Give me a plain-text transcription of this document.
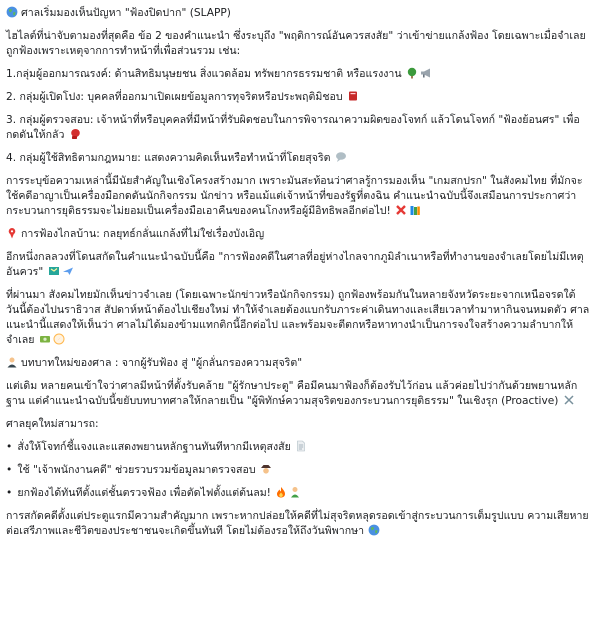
ศาลเริ่มมองเห็นปัญหา "ฟ้องปิดปาก" (SLAPP)

ไฮไลต์ที่น่าจับตามองที่สุดคือ ข้อ 2 ของคำแนะนำ ซึ่งระบุถึง "พฤติการณ์อันควรสงสัย" ว่าเข้าข่ายแกล้งฟ้อง โดยเฉพาะเมื่อจำเลยถูกฟ้องเพราะเหตุจากการทำหน้าที่เพื่อส่วนรวม เช่น:

1.กลุ่มผู้ออกมารณรงค์: ด้านสิทธิมนุษยชน สิ่งแวดล้อม ทรัพยากรธรรมชาติ หรือแรงงาน

2. กลุ่มผู้เปิดโปง: บุคคลที่ออกมาเปิดเผยข้อมูลการทุจริตหรือประพฤติมิชอบ

3. กลุ่มผู้ตรวจสอบ: เจ้าหน้าที่หรือบุคคลที่มีหน้าที่รับผิดชอบในการพิจารณาความผิดของโจทก์ แล้วโดนโจทก์ "ฟ้องย้อนศร" เพื่อกดดันให้กลัว

4. กลุ่มผู้ใช้สิทธิตามกฎหมาย: แสดงความคิดเห็นหรือทำหน้าที่โดยสุจริต

การระบุข้อความเหล่านี้มีนัยสำคัญในเชิงโครงสร้างมาก เพราะมันสะท้อนว่าศาลรู้การมองเห็น "เกมสกปรก" ในสังคมไทย ที่มักจะใช้คดีอาญาเป็นเครื่องมือกดดันนักกิจกรรม นักข่าว หรือแม้แต่เจ้าหน้าที่ของรัฐที่ตงฉิน คำแนะนำฉบับนี้จึงเสมือนการประกาศว่า กระบวนการยุติธรรมจะไม่ยอมเป็นเครื่องมือเอาคืนของคนโกงหรือผู้มีอิทธิพลอีกต่อไป!

การฟ้องไกลบ้าน: กลยุทธ์กลั่นแกล้งที่ไม่ใช่เรื่องบังเอิญ

อีกหนึ่งกลลวงที่โดนสกัดในคำแนะนำฉบับนี้คือ "การฟ้องคดีในศาลที่อยู่ห่างไกลจากภูมิลำเนาหรือที่ทำงานของจำเลยโดยไม่มีเหตุอันควร"

ที่ผ่านมา สังคมไทยมักเห็นข่าวจำเลย (โดยเฉพาะนักข่าวหรือนักกิจกรรม) ถูกฟ้องพร้อมกันในหลายจังหวัดระยะจากเหนือจรดใต้ วันนี้ต้องไปนราธิวาส สัปดาห์หน้าต้องไปเชียงใหม่ ทำให้จำเลยต้องแบกรับภาระค่าเดินทางและเสียเวลาทำมาหากินจนหมดตัว ศาลแนะนำนี้แสดงให้เห็นว่า ศาลไม่ได้มองข้ามแทกติกนี้อีกต่อไป และพร้อมจะตีตกหรือหาทางนำเป็นการจงใจสร้างความลำบากให้จำเลย

บทบาทใหม่ของศาล : จากผู้รับฟ้อง สู่ "ผู้กลั่นกรองความสุจริต"

แต่เดิม หลายคนเข้าใจว่าศาลมีหน้าที่ตั้งรับคล้าย "ผู้รักษาประตู" คือมีคนมาฟ้องก็ต้องรับไว้ก่อน แล้วค่อยไปว่ากันด้วยพยานหลักฐาน แต่คำแนะนำฉบับนี้ขยับบทบาทศาลให้กลายเป็น "ผู้พิทักษ์ความสุจริตของกระบวนการยุติธรรม" ในเชิงรุก (Proactive)

ศาลยุคใหม่สามารถ:

• สั่งให้โจทก์ชี้แจงและแสดงพยานหลักฐานทันทีหากมีเหตุสงสัย

• ใช้ "เจ้าพนักงานคดี" ช่วยรวบรวมข้อมูลมาตรวจสอบ

• ยกฟ้องได้ทันทีตั้งแต่ชั้นตรวจฟ้อง เพื่อตัดไฟตั้งแต่ต้นลม!

การสกัดคดีตั้งแต่ประตูแรกมีความสำคัญมาก เพราะหากปล่อยให้คดีที่ไม่สุจริตหลุดรอดเข้าสู่กระบวนการเต็มรูปแบบ ความเสียหายต่อเสรีภาพและชีวิตของประชาชนจะเกิดขึ้นทันที โดยไม่ต้องรอให้ถึงวันพิพากษา
